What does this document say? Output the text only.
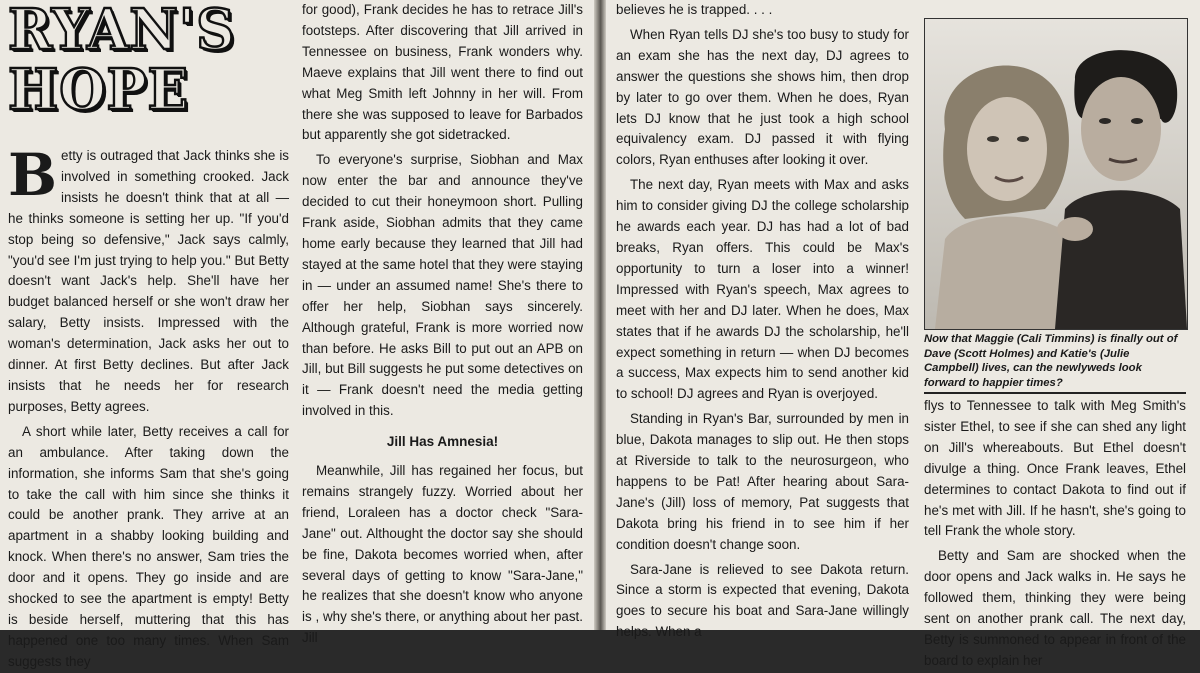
RYAN'S
HOPE

Betty is outraged that Jack thinks she is involved in something crooked. Jack insists he doesn't think that at all — he thinks someone is setting her up. "If you'd stop being so defensive," Jack says calmly, "you'd see I'm just trying to help you." But Betty doesn't want Jack's help. She'll have her budget balanced herself or she won't draw her salary, Betty insists. Impressed with the woman's determination, Jack asks her out to dinner. At first Betty declines. But after Jack insists that he needs her for research purposes, Betty agrees.

A short while later, Betty receives a call for an ambulance. After taking down the information, she informs Sam that she's going to take the call with him since she thinks it could be another prank. They arrive at an apartment in a shabby looking building and knock. When there's no answer, Sam tries the door and it opens. They go inside and are shocked to see the apartment is empty! Betty is beside herself, muttering that this has happened one too many times. When Sam suggests they

for good), Frank decides he has to retrace Jill's footsteps. After discovering that Jill arrived in Tennessee on business, Frank wonders why. Maeve explains that Jill went there to find out what Meg Smith left Johnny in her will. From there she was supposed to leave for Barbados but apparently she got sidetracked.

To everyone's surprise, Siobhan and Max now enter the bar and announce they've decided to cut their honeymoon short. Pulling Frank aside, Siobhan admits that they came home early because they learned that Jill had stayed at the same hotel that they were staying in — under an assumed name! She's there to offer her help, Siobhan says sincerely. Although grateful, Frank is more worried now than before. He asks Bill to put out an APB on Jill, but Bill suggests he put some detectives on it — Frank doesn't need the media getting involved in this.

Jill Has Amnesia!

Meanwhile, Jill has regained her focus, but remains strangely fuzzy. Worried about her friend, Loraleen has a doctor check "Sara-Jane" out. Althought the doctor say she should be fine, Dakota becomes worried when, after several days of getting to know "Sara-Jane," he realizes that she doesn't know who anyone is , why she's there, or anything about her past. Jill

believes he is trapped. . . .

When Ryan tells DJ she's too busy to study for an exam she has the next day, DJ agrees to answer the questions she shows him, then drop by later to go over them. When he does, Ryan lets DJ know that he just took a high school equivalency exam. DJ passed it with flying colors, Ryan enthuses after looking it over.

The next day, Ryan meets with Max and asks him to consider giving DJ the college scholarship he awards each year. DJ has had a lot of bad breaks, Ryan offers. This could be Max's opportunity to turn a loser into a winner! Impressed with Ryan's speech, Max agrees to meet with her and DJ later. When he does, Max states that if he awards DJ the scholarship, he'll expect something in return — when DJ becomes a success, Max expects him to send another kid to school! DJ agrees and Ryan is overjoyed.

Standing in Ryan's Bar, surrounded by men in blue, Dakota manages to slip out. He then stops at Riverside to talk to the neurosurgeon, who happens to be Pat! After hearing about Sara-Jane's (Jill) loss of memory, Pat suggests that Dakota bring his friend in to see him if her condition doesn't change soon.

Sara-Jane is relieved to see Dakota return. Since a storm is expected that evening, Dakota goes to secure his boat and Sara-Jane willingly helps. When a

Now that Maggie (Cali Timmins) is finally out of Dave (Scott Holmes) and Katie's (Julie Campbell) lives, can the newlyweds look forward to happier times?

flys to Tennessee to talk with Meg Smith's sister Ethel, to see if she can shed any light on Jill's whereabouts. But Ethel doesn't divulge a thing. Once Frank leaves, Ethel determines to contact Dakota to find out if he's met with Jill. If he hasn't, she's going to tell Frank the whole story.

Betty and Sam are shocked when the door opens and Jack walks in. He says he followed them, thinking they were being sent on another prank call. The next day, Betty is summoned to appear in front of the board to explain her
